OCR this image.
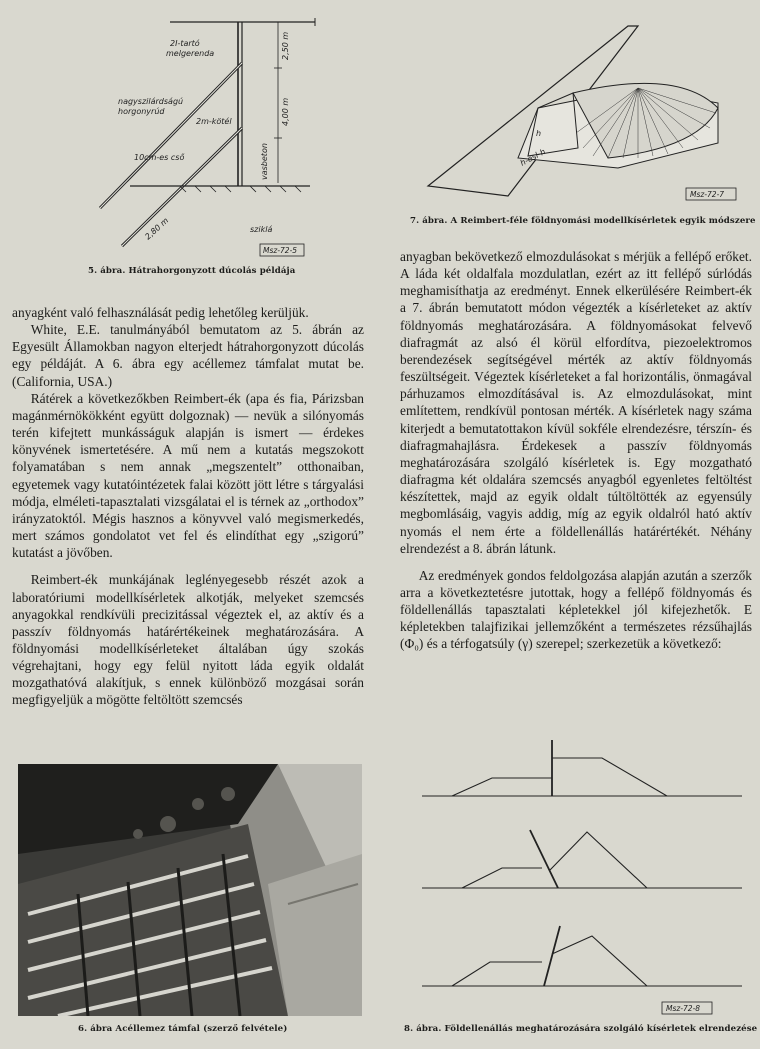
2I-tartó
melgerenda
nagyszilárdságú
horgonyrúd
2m-kötél
10cm-es cső
2,50 m
4,00 m
vasbeton
2,80 m	sziklá
Msz-72-5
5. ábra. Hátrahorgonyzott dúcolás példája
h
h-esl-h
Msz-72-7
7. ábra. A Reimbert-féle földnyomási modellkísérletek egyik módszere

anyagként való felhasználását pedig lehetőleg kerüljük.

White, E.E. tanulmányából bemutatom az 5. ábrán az Egyesült Államokban nagyon elterjedt hátrahorgonyzott dúcolás egy példáját. A 6. ábra egy acéllemez támfalat mutat be. (California, USA.)

Rátérek a következőkben Reimbert-ék (apa és fia, Párizsban magánmérnökökként együtt dolgoznak) — nevük a silónyomás terén kifejtett munkásságuk alapján is ismert — érdekes könyvének ismertetésére. A mű nem a kutatás megszokott folyamatában s nem annak „megszentelt” otthonaiban, egyetemek vagy kutatóintézetek falai között jött létre s tárgyalási módja, elméleti-tapasztalati vizsgálatai el is térnek az „orthodox” irányzatoktól. Mégis hasznos a könyvvel való megismerkedés, mert számos gondolatot vet fel és elindíthat egy „szigorú” kutatást a jövőben.

Reimbert-ék munkájának leglényegesebb részét azok a laboratóriumi modellkísérletek alkotják, melyeket szemcsés anyagokkal rendkívüli precizitással végeztek el, az aktív és a passzív földnyomás határértékeinek meghatározására. A földnyomási modellkísérleteket általában úgy szokás végrehajtani, hogy egy felül nyitott láda egyik oldalát mozgathatóvá alakítjuk, s ennek különböző mozgásai során megfigyeljük a mögötte feltöltött szemcsés

anyagban bekövetkező elmozdulásokat s mérjük a fellépő erőket. A láda két oldalfala mozdulatlan, ezért az itt fellépő súrlódás meghamisíthatja az eredményt. Ennek elkerülésére Reimbert-ék a 7. ábrán bemutatott módon végezték a kísérleteket az aktív földnyomás meghatározására. A földnyomásokat felvevő diafragmát az alsó él körül elfordítva, piezoelektromos berendezések segítségével mérték az aktív földnyomás feszültségeit. Végeztek kísérleteket a fal horizontális, önmagával párhuzamos elmozdításával is. Az elmozdulásokat, mint említettem, rendkívül pontosan mérték. A kísérletek nagy száma kiterjedt a bemutatottakon kívül sokféle elrendezésre, térszín- és diafragmahajlásra. Érdekesek a passzív földnyomás meghatározására szolgáló kísérletek is. Egy mozgatható diafragma két oldalára szemcsés anyagból egyenletes feltöltést készítettek, majd az egyik oldalt túltöltötték az egyensúly megbomlásáig, vagyis addig, míg az egyik oldalról ható aktív nyomás el nem érte a földellenállás határértékét. Néhány elrendezést a 8. ábrán látunk.

Az eredmények gondos feldolgozása alapján azután a szerzők arra a következtetésre jutottak, hogy a fellépő földnyomás és földellenállás tapasztalati képletekkel jól kifejezhetők. E képletekben talajfizikai jellemzőként a természetes rézsűhajlás (Φ₀) és a térfogatsúly (γ) szerepel; szerkezetük a következő:

6. ábra Acéllemez támfal (szerző felvétele)
Msz-72-8
8. ábra. Földellenállás meghatározására szolgáló kísérletek elrendezése
